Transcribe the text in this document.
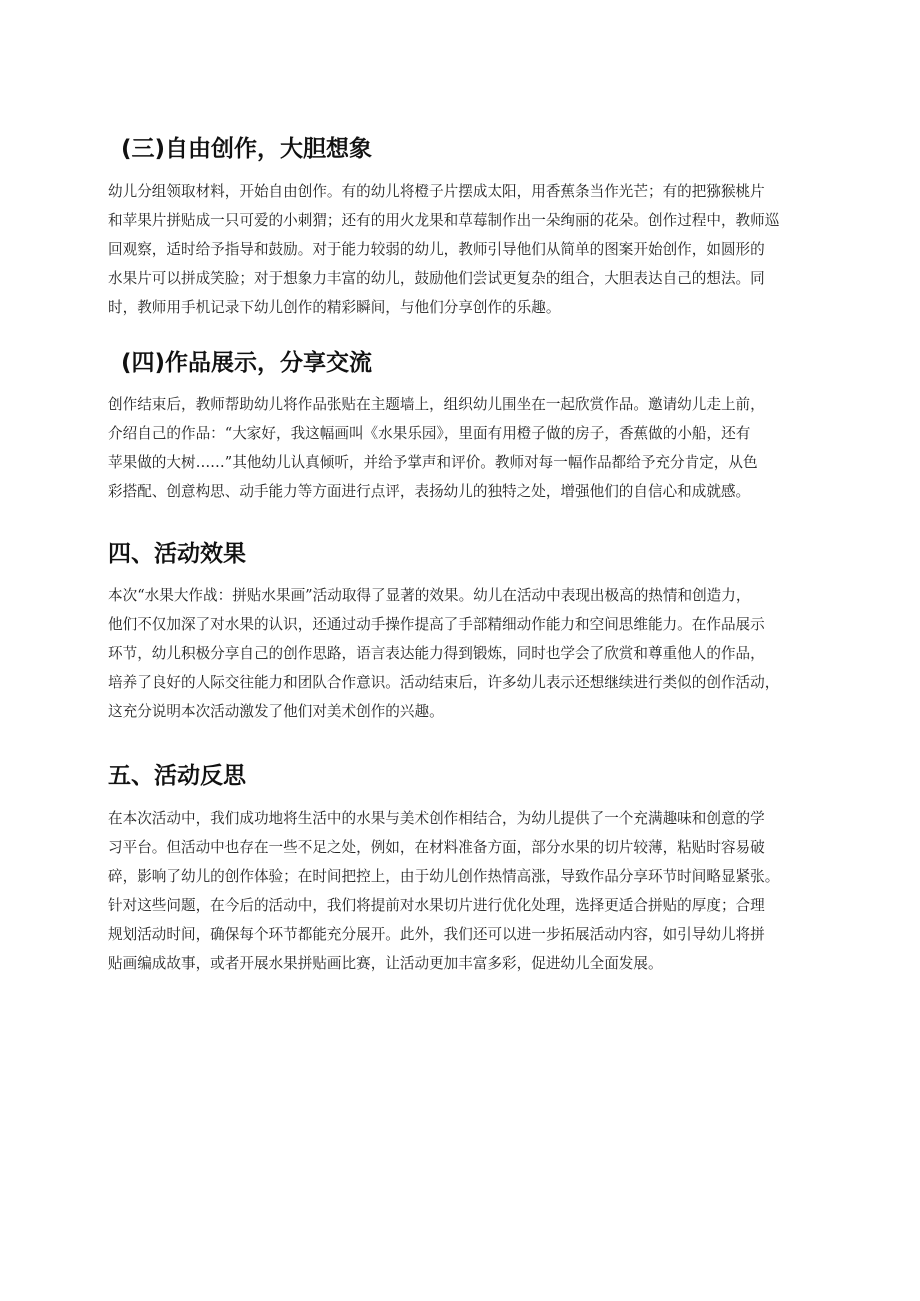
(三)自由创作，大胆想象

幼儿分组领取材料，开始自由创作。有的幼儿将橙子片摆成太阳，用香蕉条当作光芒；有的把猕猴桃片
和苹果片拼贴成一只可爱的小刺猬；还有的用火龙果和草莓制作出一朵绚丽的花朵。创作过程中，教师巡
回观察，适时给予指导和鼓励。对于能力较弱的幼儿，教师引导他们从简单的图案开始创作，如圆形的
水果片可以拼成笑脸；对于想象力丰富的幼儿，鼓励他们尝试更复杂的组合，大胆表达自己的想法。同
时，教师用手机记录下幼儿创作的精彩瞬间，与他们分享创作的乐趣。

(四)作品展示，分享交流

创作结束后，教师帮助幼儿将作品张贴在主题墙上，组织幼儿围坐在一起欣赏作品。邀请幼儿走上前，
介绍自己的作品：“大家好，我这幅画叫《水果乐园》，里面有用橙子做的房子，香蕉做的小船，还有
苹果做的大树……”其他幼儿认真倾听，并给予掌声和评价。教师对每一幅作品都给予充分肯定，从色
彩搭配、创意构思、动手能力等方面进行点评，表扬幼儿的独特之处，增强他们的自信心和成就感。

四、活动效果

本次“水果大作战：拼贴水果画”活动取得了显著的效果。幼儿在活动中表现出极高的热情和创造力，
他们不仅加深了对水果的认识，还通过动手操作提高了手部精细动作能力和空间思维能力。在作品展示
环节，幼儿积极分享自己的创作思路，语言表达能力得到锻炼，同时也学会了欣赏和尊重他人的作品，
培养了良好的人际交往能力和团队合作意识。活动结束后，许多幼儿表示还想继续进行类似的创作活动，
这充分说明本次活动激发了他们对美术创作的兴趣。

五、活动反思

在本次活动中，我们成功地将生活中的水果与美术创作相结合，为幼儿提供了一个充满趣味和创意的学
习平台。但活动中也存在一些不足之处，例如，在材料准备方面，部分水果的切片较薄，粘贴时容易破
碎，影响了幼儿的创作体验；在时间把控上，由于幼儿创作热情高涨，导致作品分享环节时间略显紧张。
针对这些问题，在今后的活动中，我们将提前对水果切片进行优化处理，选择更适合拼贴的厚度；合理
规划活动时间，确保每个环节都能充分展开。此外，我们还可以进一步拓展活动内容，如引导幼儿将拼
贴画编成故事，或者开展水果拼贴画比赛，让活动更加丰富多彩，促进幼儿全面发展。
